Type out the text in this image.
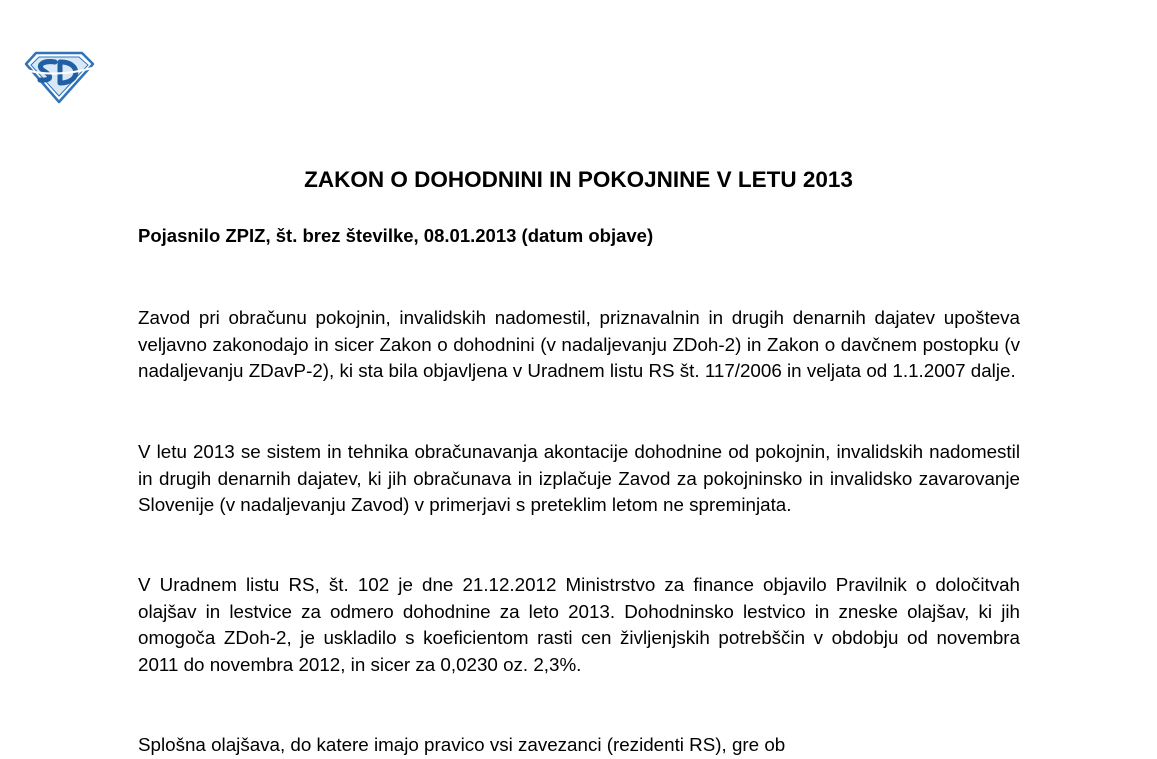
ZAKON O DOHODNINI IN POKOJNINE V LETU 2013

Pojasnilo ZPIZ, št. brez številke, 08.01.2013 (datum objave)

Zavod pri obračunu pokojnin, invalidskih nadomestil, priznavalnin in drugih denarnih dajatev upošteva veljavno zakonodajo in sicer Zakon o dohodnini (v nadaljevanju ZDoh-2) in Zakon o davčnem postopku (v nadaljevanju ZDavP-2), ki sta bila objavljena v Uradnem listu RS št. 117/2006 in veljata od 1.1.2007 dalje.

V letu 2013 se sistem in tehnika obračunavanja akontacije dohodnine od pokojnin, invalidskih nadomestil in drugih denarnih dajatev, ki jih obračunava in izplačuje Zavod za pokojninsko in invalidsko zavarovanje Slovenije (v nadaljevanju Zavod) v primerjavi s preteklim letom ne spreminjata.

V Uradnem listu RS, št. 102 je dne 21.12.2012 Ministrstvo za finance objavilo Pravilnik o določitvah olajšav in lestvice za odmero dohodnine za leto 2013. Dohodninsko lestvico in zneske olajšav, ki jih omogoča ZDoh-2, je uskladilo s koeficientom rasti cen življenjskih potrebščin v obdobju od novembra 2011 do novembra 2012, in sicer za 0,0230 oz. 2,3%.

Splošna olajšava, do katere imajo pravico vsi zavezanci (rezidenti RS), gre ob
